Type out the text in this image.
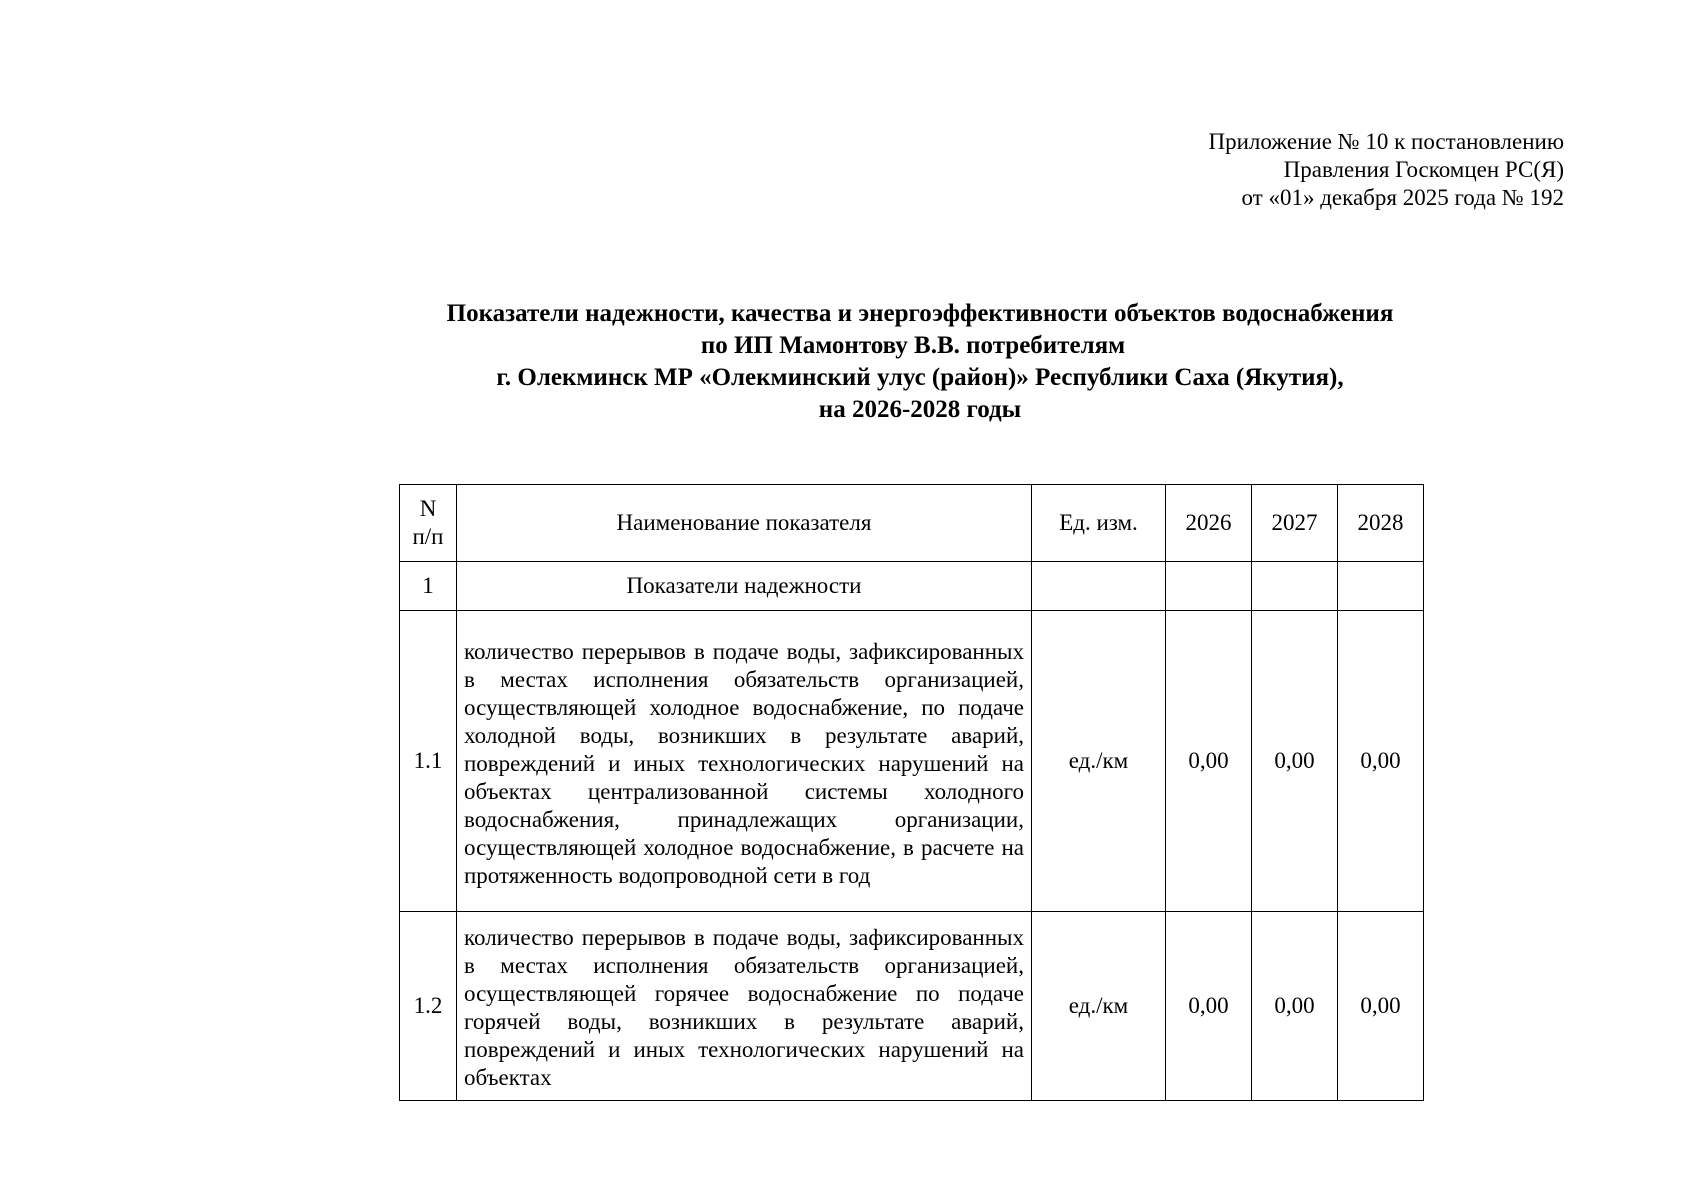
Приложение № 10 к постановлению
Правления Госкомцен РС(Я)
от «01» декабря 2025 года № 192
Показатели надежности, качества и энергоэффективности объектов водоснабжения
по ИП Мамонтову В.В. потребителям
г. Олекминск МР «Олекминский улус (район)» Республики Саха (Якутия),
на 2026-2028 годы
N
п/п	Наименование показателя	Ед. изм.	2026	2027	2028
1	Показатели надежности				
1.1	количество перерывов в подаче воды, зафиксированных в местах исполнения обязательств организацией, осуществляющей холодное водоснабжение, по подаче холодной воды, возникших в результате аварий, повреждений и иных технологических нарушений на объектах централизованной системы холодного водоснабжения, принадлежащих организации, осуществляющей холодное водоснабжение, в расчете на протяженность водопроводной сети в год	ед./км	0,00	0,00	0,00
1.2	количество перерывов в подаче воды, зафиксированных в местах исполнения обязательств организацией, осуществляющей горячее водоснабжение по подаче горячей воды, возникших в результате аварий, повреждений и иных технологических нарушений на объектах	ед./км	0,00	0,00	0,00
